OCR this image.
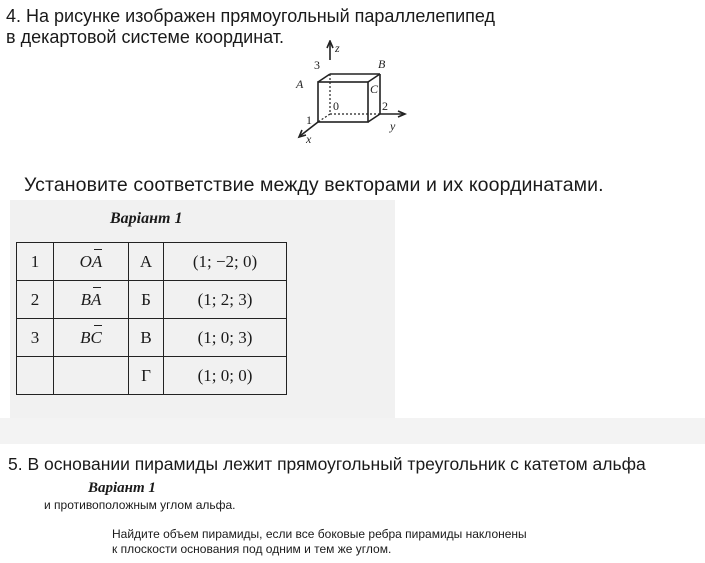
4. На рисунке изображен прямоугольный параллелепипед
в декартовой системе координат.
z
3
A
B
C
0	2
1	y
x
Установите соответствие между векторами и их координатами.
Варіант 1
1	OA	А	(1; −2; 0)
2	BA	Б	(1; 2; 3)
3	BC	В	(1; 0; 3)
		Г	(1; 0; 0)
5. В основании пирамиды лежит прямоугольный треугольник с катетом альфа
Варіант 1
и противоположным углом альфа.
Найдите объем пирамиды, если все боковые ребра пирамиды наклонены
к плоскости основания под одним и тем же углом.
